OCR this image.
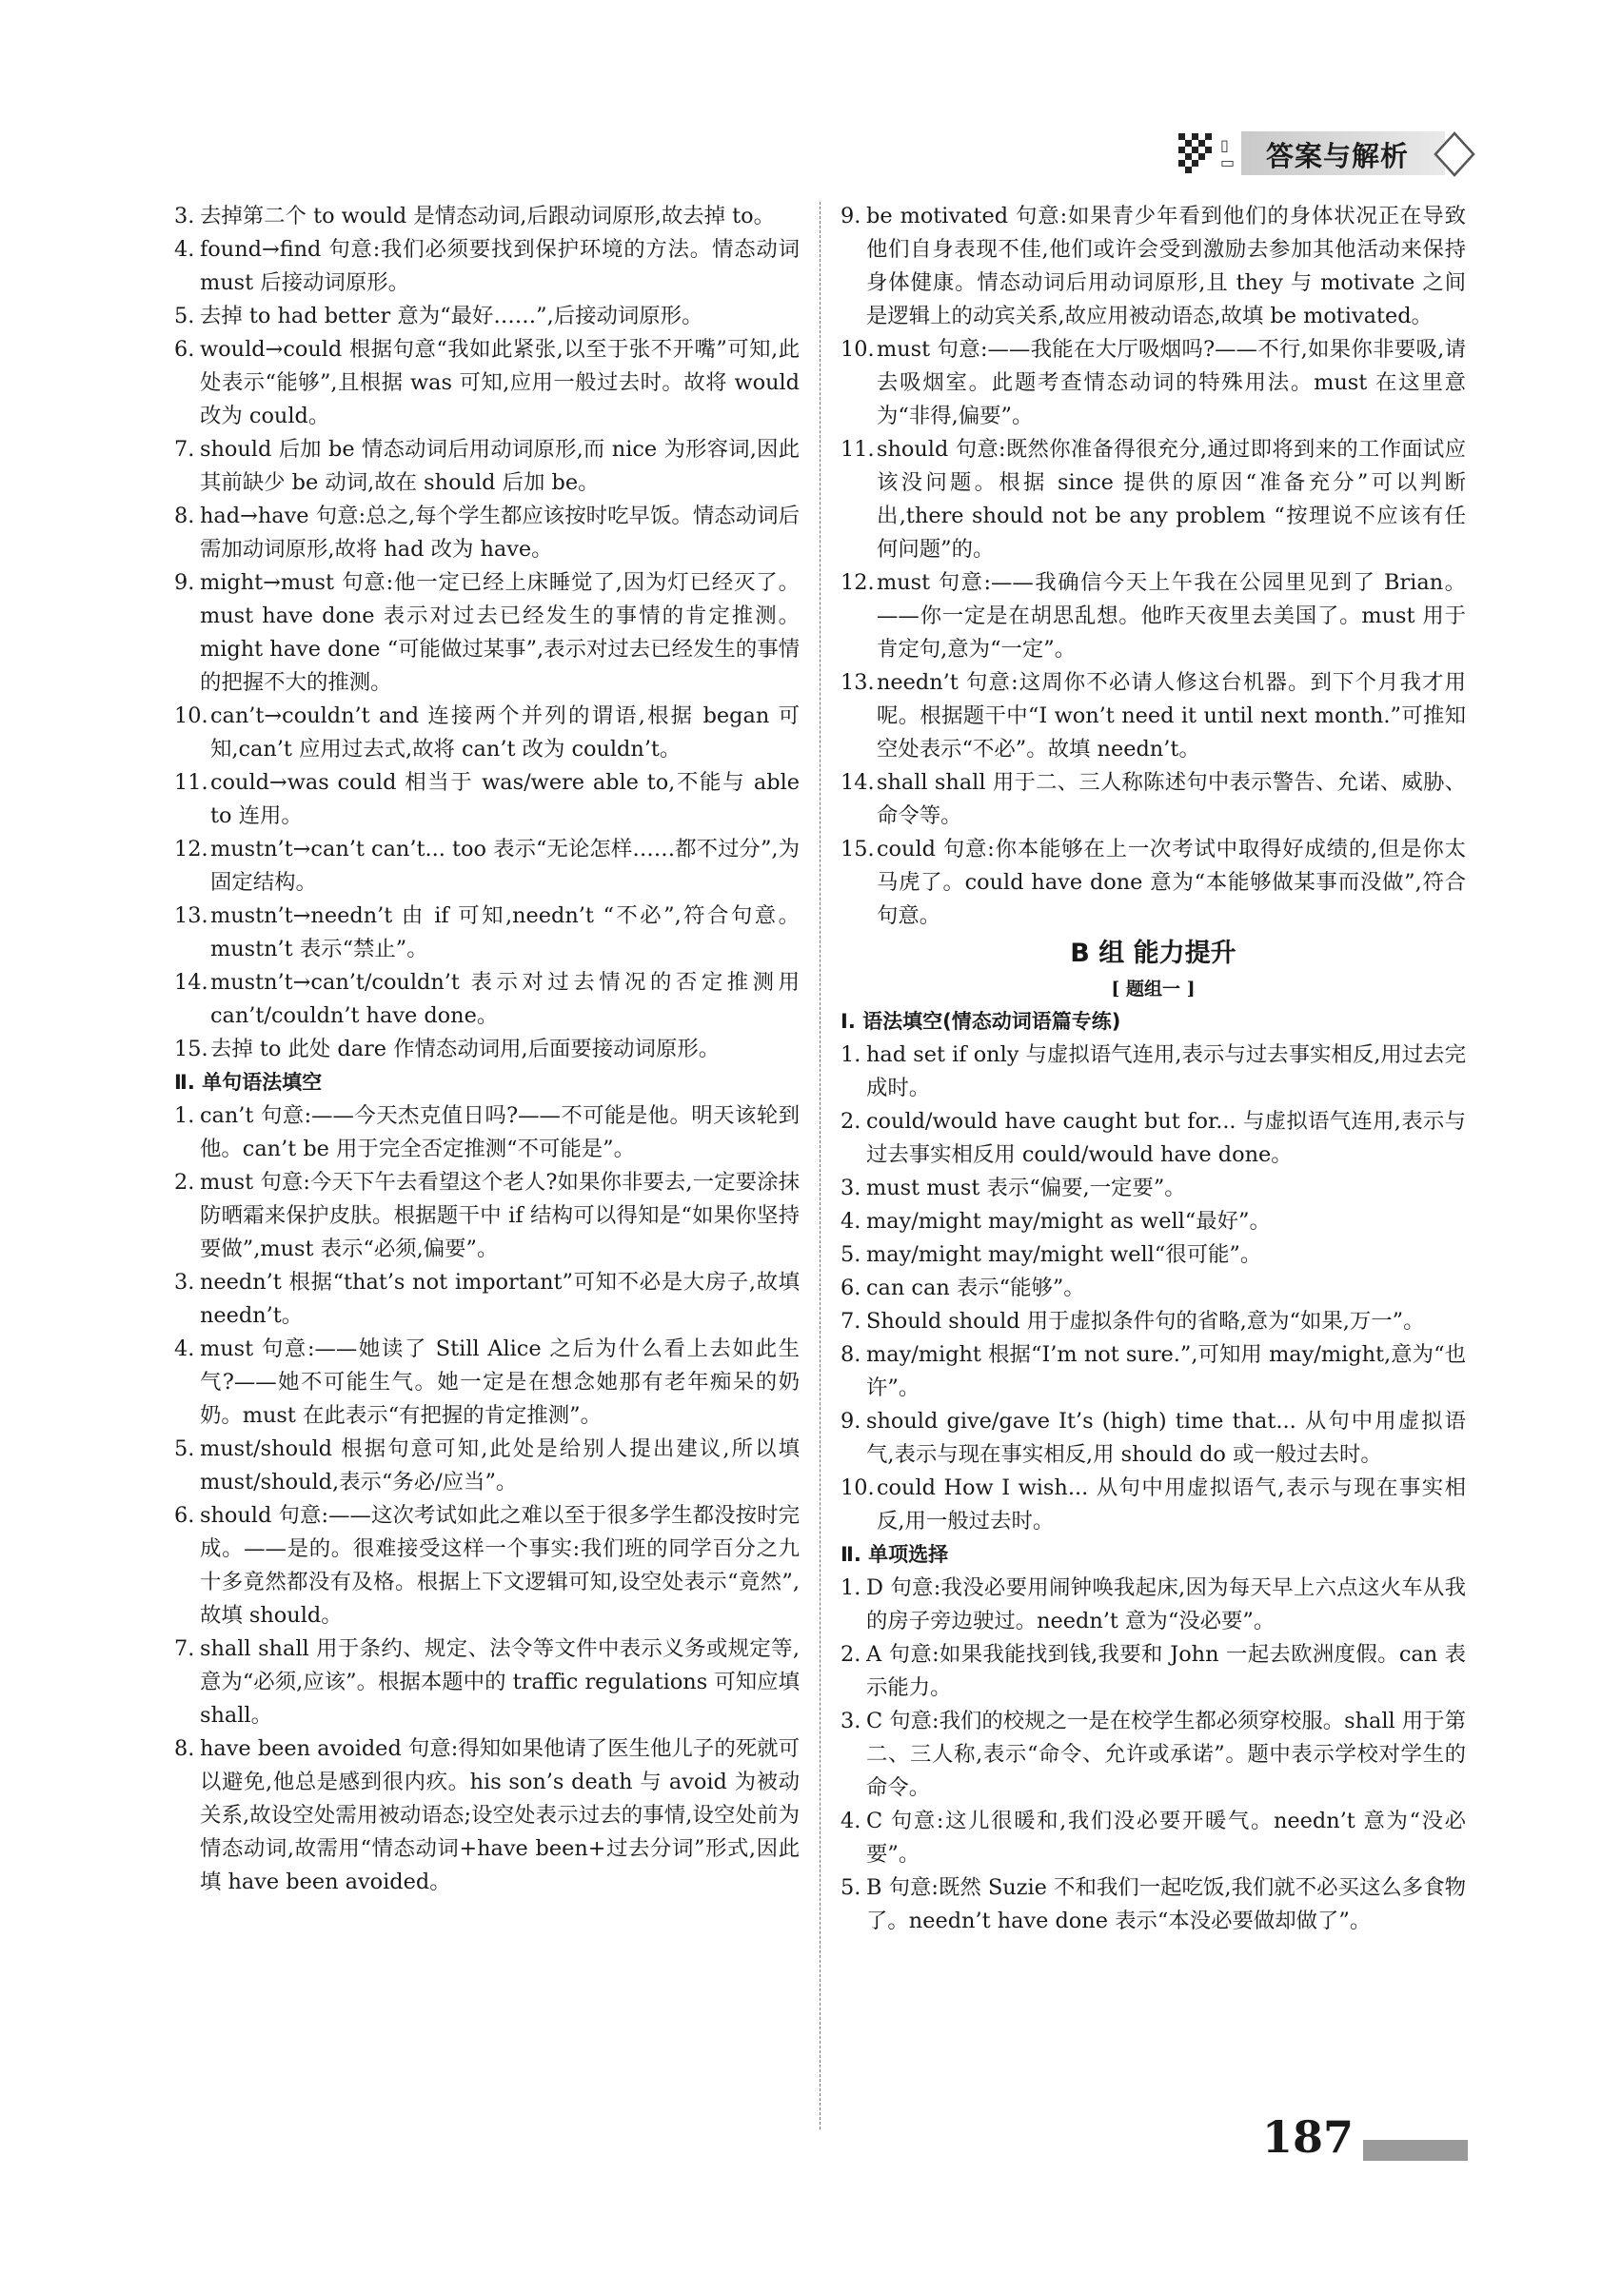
▯
▭ 答案与解析
3. 去掉第二个 to would 是情态动词,后跟动词原形,故去掉 to。
4. found→find 句意:我们必须要找到保护环境的方法。情态动词 must 后接动词原形。
5. 去掉 to had better 意为“最好……”,后接动词原形。
6. would→could 根据句意“我如此紧张,以至于张不开嘴”可知,此处表示“能够”,且根据 was 可知,应用一般过去时。故将 would 改为 could。
7. should 后加 be 情态动词后用动词原形,而 nice 为形容词,因此其前缺少 be 动词,故在 should 后加 be。
8. had→have 句意:总之,每个学生都应该按时吃早饭。情态动词后需加动词原形,故将 had 改为 have。
9. might→must 句意:他一定已经上床睡觉了,因为灯已经灭了。must have done 表示对过去已经发生的事情的肯定推测。might have done “可能做过某事”,表示对过去已经发生的事情的把握不大的推测。
10. can’t→couldn’t and 连接两个并列的谓语,根据 began 可知,can’t 应用过去式,故将 can’t 改为 couldn’t。
11. could→was could 相当于 was/were able to,不能与 able to 连用。
12. mustn’t→can’t can’t... too 表示“无论怎样……都不过分”,为固定结构。
13. mustn’t→needn’t 由 if 可知,needn’t “不必”,符合句意。mustn’t 表示“禁止”。
14. mustn’t→can’t/couldn’t 表示对过去情况的否定推测用 can’t/couldn’t have done。
15. 去掉 to 此处 dare 作情态动词用,后面要接动词原形。
Ⅱ. 单句语法填空
1. can’t 句意:——今天杰克值日吗?——不可能是他。明天该轮到他。can’t be 用于完全否定推测“不可能是”。
2. must 句意:今天下午去看望这个老人?如果你非要去,一定要涂抹防晒霜来保护皮肤。根据题干中 if 结构可以得知是“如果你坚持要做”,must 表示“必须,偏要”。
3. needn’t 根据“that’s not important”可知不必是大房子,故填 needn’t。
4. must 句意:——她读了 Still Alice 之后为什么看上去如此生气?——她不可能生气。她一定是在想念她那有老年痴呆的奶奶。must 在此表示“有把握的肯定推测”。
5. must/should 根据句意可知,此处是给别人提出建议,所以填 must/should,表示“务必/应当”。
6. should 句意:——这次考试如此之难以至于很多学生都没按时完成。——是的。很难接受这样一个事实:我们班的同学百分之九十多竟然都没有及格。根据上下文逻辑可知,设空处表示“竟然”,故填 should。
7. shall shall 用于条约、规定、法令等文件中表示义务或规定等,意为“必须,应该”。根据本题中的 traffic regulations 可知应填 shall。
8. have been avoided 句意:得知如果他请了医生他儿子的死就可以避免,他总是感到很内疚。his son’s death 与 avoid 为被动关系,故设空处需用被动语态;设空处表示过去的事情,设空处前为情态动词,故需用“情态动词+have been+过去分词”形式,因此填 have been avoided。
9. be motivated 句意:如果青少年看到他们的身体状况正在导致他们自身表现不佳,他们或许会受到激励去参加其他活动来保持身体健康。情态动词后用动词原形,且 they 与 motivate 之间是逻辑上的动宾关系,故应用被动语态,故填 be motivated。
10. must 句意:——我能在大厅吸烟吗?——不行,如果你非要吸,请去吸烟室。此题考查情态动词的特殊用法。must 在这里意为“非得,偏要”。
11. should 句意:既然你准备得很充分,通过即将到来的工作面试应该没问题。根据 since 提供的原因“准备充分”可以判断出,there should not be any problem “按理说不应该有任何问题”的。
12. must 句意:——我确信今天上午我在公园里见到了 Brian。——你一定是在胡思乱想。他昨天夜里去美国了。must 用于肯定句,意为“一定”。
13. needn’t 句意:这周你不必请人修这台机器。到下个月我才用呢。根据题干中“I won’t need it until next month.”可推知空处表示“不必”。故填 needn’t。
14. shall shall 用于二、三人称陈述句中表示警告、允诺、威胁、命令等。
15. could 句意:你本能够在上一次考试中取得好成绩的,但是你太马虎了。could have done 意为“本能够做某事而没做”,符合句意。
B 组 能力提升
[ 题组一 ]
Ⅰ. 语法填空(情态动词语篇专练)
1. had set if only 与虚拟语气连用,表示与过去事实相反,用过去完成时。
2. could/would have caught but for... 与虚拟语气连用,表示与过去事实相反用 could/would have done。
3. must must 表示“偏要,一定要”。
4. may/might may/might as well“最好”。
5. may/might may/might well“很可能”。
6. can can 表示“能够”。
7. Should should 用于虚拟条件句的省略,意为“如果,万一”。
8. may/might 根据“I’m not sure.”,可知用 may/might,意为“也许”。
9. should give/gave It’s (high) time that... 从句中用虚拟语气,表示与现在事实相反,用 should do 或一般过去时。
10. could How I wish... 从句中用虚拟语气,表示与现在事实相反,用一般过去时。
Ⅱ. 单项选择
1. D 句意:我没必要用闹钟唤我起床,因为每天早上六点这火车从我的房子旁边驶过。needn’t 意为“没必要”。
2. A 句意:如果我能找到钱,我要和 John 一起去欧洲度假。can 表示能力。
3. C 句意:我们的校规之一是在校学生都必须穿校服。shall 用于第二、三人称,表示“命令、允许或承诺”。题中表示学校对学生的命令。
4. C 句意:这儿很暖和,我们没必要开暖气。needn’t 意为“没必要”。
5. B 句意:既然 Suzie 不和我们一起吃饭,我们就不必买这么多食物了。needn’t have done 表示“本没必要做却做了”。
187
